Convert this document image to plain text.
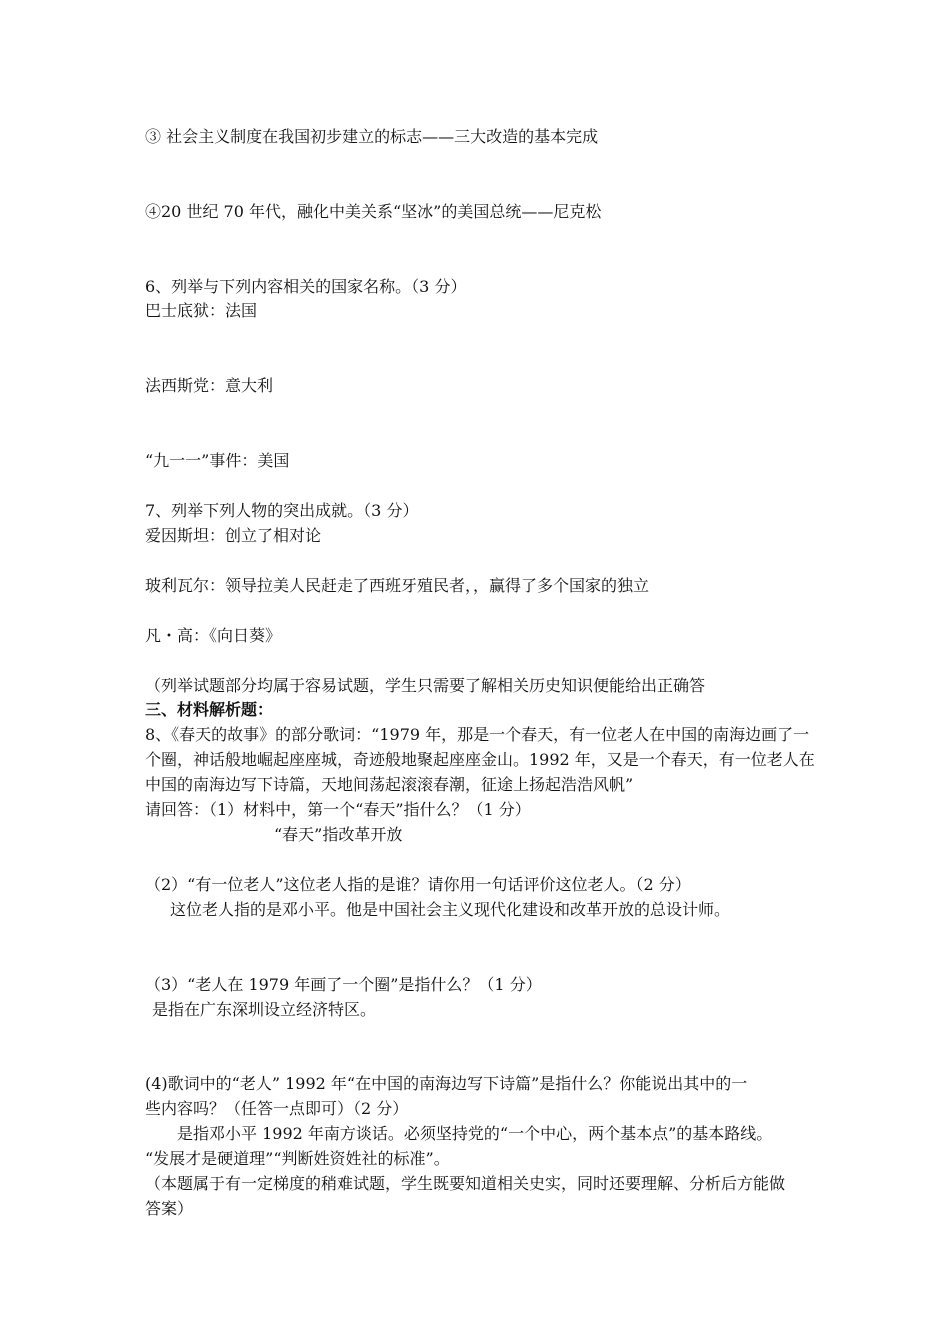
③ 社会主义制度在我国初步建立的标志——三大改造的基本完成
④20 世纪 70 年代，融化中美关系“坚冰”的美国总统——尼克松
6、列举与下列内容相关的国家名称。（3 分）
巴士底狱：法国
法西斯党：意大利
“九一一”事件：美国
7、列举下列人物的突出成就。（3 分）
爱因斯坦：创立了相对论
玻利瓦尔：领导拉美人民赶走了西班牙殖民者，，赢得了多个国家的独立
凡・高：《向日葵》
（列举试题部分均属于容易试题，学生只需要了解相关历史知识便能给出正确答
三、材料解析题：
8、《春天的故事》的部分歌词：“1979 年，那是一个春天，有一位老人在中国的南海边画了一
个圈，神话般地崛起座座城，奇迹般地聚起座座金山。1992 年，又是一个春天，有一位老人在
中国的南海边写下诗篇，天地间荡起滚滚春潮，征途上扬起浩浩风帆”
请回答：（1）材料中，第一个“春天”指什么？（1 分）
“春天”指改革开放
（2）“有一位老人”这位老人指的是谁？请你用一句话评价这位老人。（2 分）
这位老人指的是邓小平。他是中国社会主义现代化建设和改革开放的总设计师。
（3）“老人在 1979 年画了一个圈”是指什么？（1 分）
是指在广东深圳设立经济特区。
(4)歌词中的“老人” 1992 年“在中国的南海边写下诗篇”是指什么？你能说出其中的一
些内容吗？（任答一点即可）（2 分）
是指邓小平 1992 年南方谈话。必须坚持党的“一个中心，两个基本点”的基本路线。
“发展才是硬道理”“判断姓资姓社的标准”。
（本题属于有一定梯度的稍难试题，学生既要知道相关史实，同时还要理解、分析后方能做
答案）
